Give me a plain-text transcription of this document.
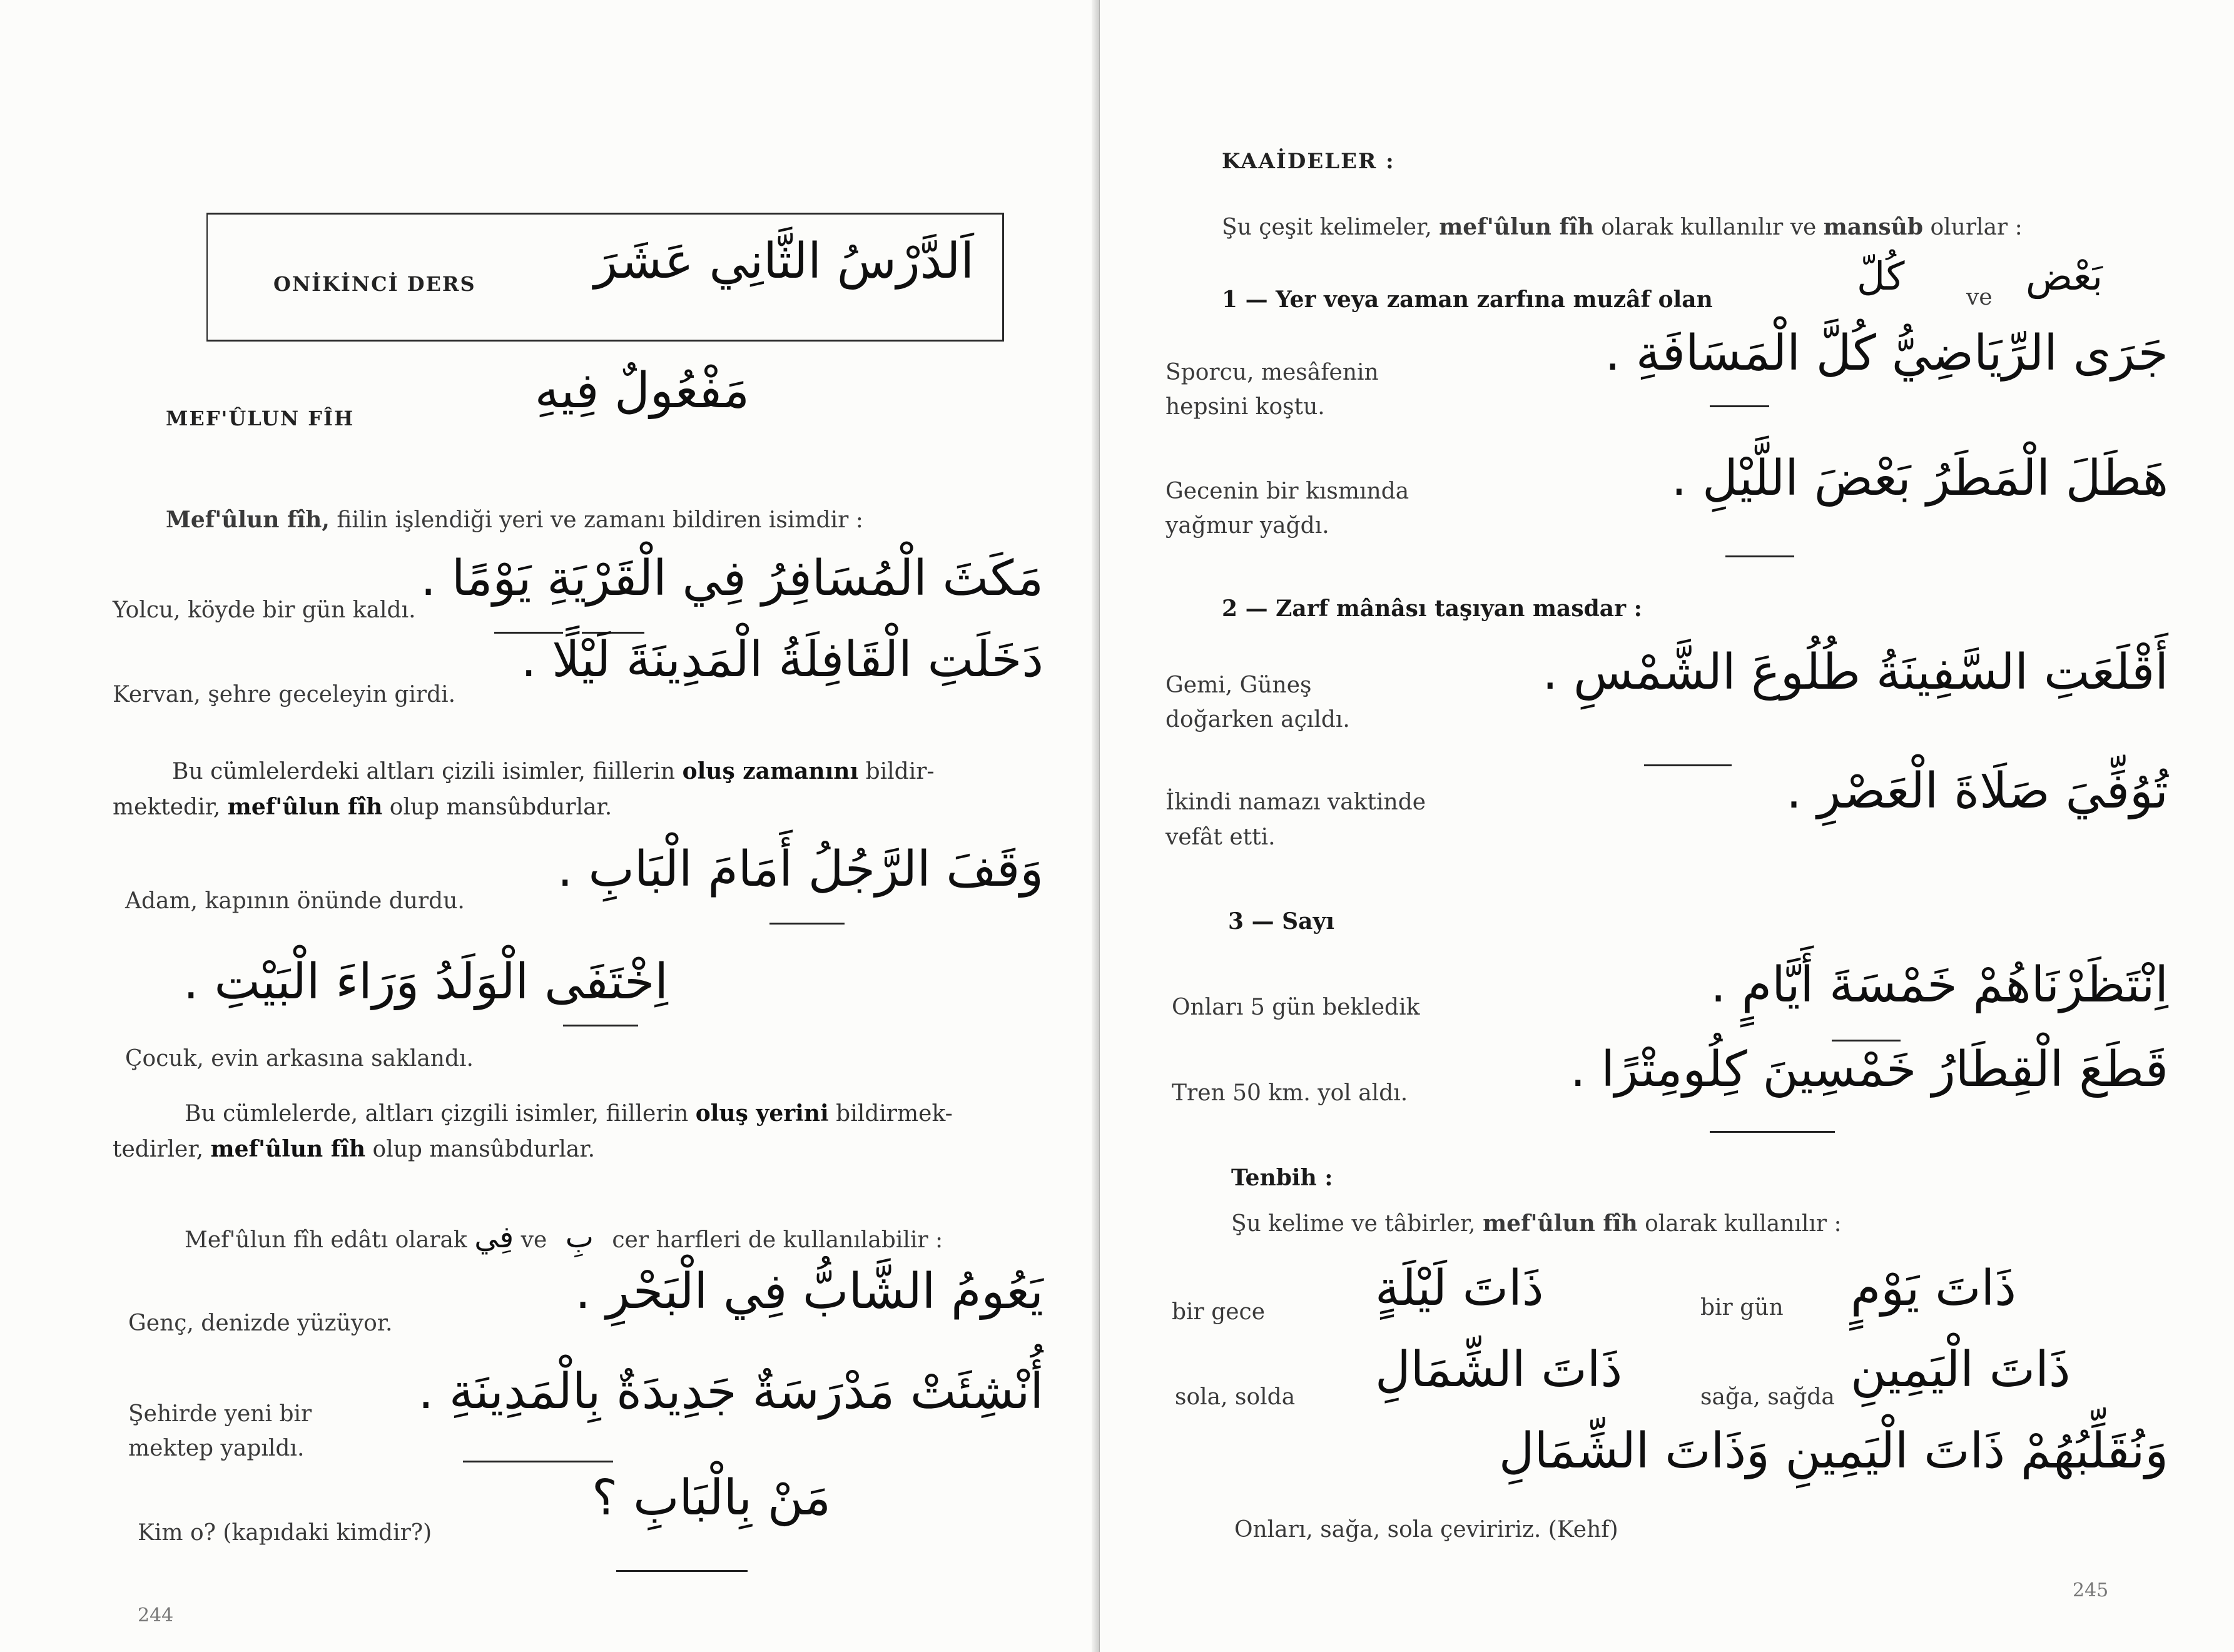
ONİKİNCİ DERS اَلدَّرْسُ الثَّانِي عَشَرَ
MEF'ÛLUN FÎH	مَفْعُولٌ فِيهِ
Mef'ûlun fîh, fiilin işlendiği yeri ve zamanı bildiren isimdir :
Yolcu, köyde bir gün kaldı.
مَكَثَ الْمُسَافِرُ فِي الْقَرْيَةِ يَوْمًا .
Kervan, şehre geceleyin girdi.
دَخَلَتِ الْقَافِلَةُ الْمَدِينَةَ لَيْلًا .
Bu cümlelerdeki altları çizili isimler, fiillerin oluş zamanını bildir-
mektedir, mef'ûlun fîh olup mansûbdurlar.
Adam, kapının önünde durdu.
وَقَفَ الرَّجُلُ أَمَامَ الْبَابِ .
اِخْتَفَى الْوَلَدُ وَرَاءَ الْبَيْتِ .
Çocuk, evin arkasına saklandı.
Bu cümlelerde, altları çizgili isimler, fiillerin oluş yerini bildirmek-
tedirler, mef'ûlun fîh olup mansûbdurlar.
Mef'ûlun fîh edâtı olarak فِي ve بِ cer harfleri de kullanılabilir :
Genç, denizde yüzüyor.
يَعُومُ الشَّابُّ فِي الْبَحْرِ .
Şehirde yeni bir
mektep yapıldı.
أُنْشِئَتْ مَدْرَسَةٌ جَدِيدَةٌ بِالْمَدِينَةِ .
Kim o? (kapıdaki kimdir?)
مَنْ بِالْبَابِ ؟
244
KAAİDELER :
Şu çeşit kelimeler, mef'ûlun fîh olarak kullanılır ve mansûb olurlar :
1 — Yer veya zaman zarfına muzâf olan
كُلّ	ve بَعْض
Sporcu, mesâfenin
hepsini koştu.
جَرَى الرِّيَاضِيُّ كُلَّ الْمَسَافَةِ .
Gecenin bir kısmında
yağmur yağdı.
هَطَلَ الْمَطَرُ بَعْضَ اللَّيْلِ .
2 — Zarf mânâsı taşıyan masdar :
Gemi, Güneş
doğarken açıldı.
أَقْلَعَتِ السَّفِينَةُ طُلُوعَ الشَّمْسِ .
İkindi namazı vaktinde
vefât etti.
تُوُفِّيَ صَلَاةَ الْعَصْرِ .
3 — Sayı
Onları 5 gün bekledik	اِنْتَظَرْنَاهُمْ خَمْسَةَ أَيَّامٍ .
Tren 50 km. yol aldı.	قَطَعَ الْقِطَارُ خَمْسِينَ كِلُومِتْرًا .
Tenbih :
Şu kelime ve tâbirler, mef'ûlun fîh olarak kullanılır :
bir gece ذَاتَ لَيْلَةٍ	bir gün ذَاتَ يَوْمٍ
sola, solda ذَاتَ الشِّمَالِ	sağa, sağda ذَاتَ الْيَمِينِ
وَنُقَلِّبُهُمْ ذَاتَ الْيَمِينِ وَذَاتَ الشِّمَالِ
Onları, sağa, sola çeviririz. (Kehf)
245
